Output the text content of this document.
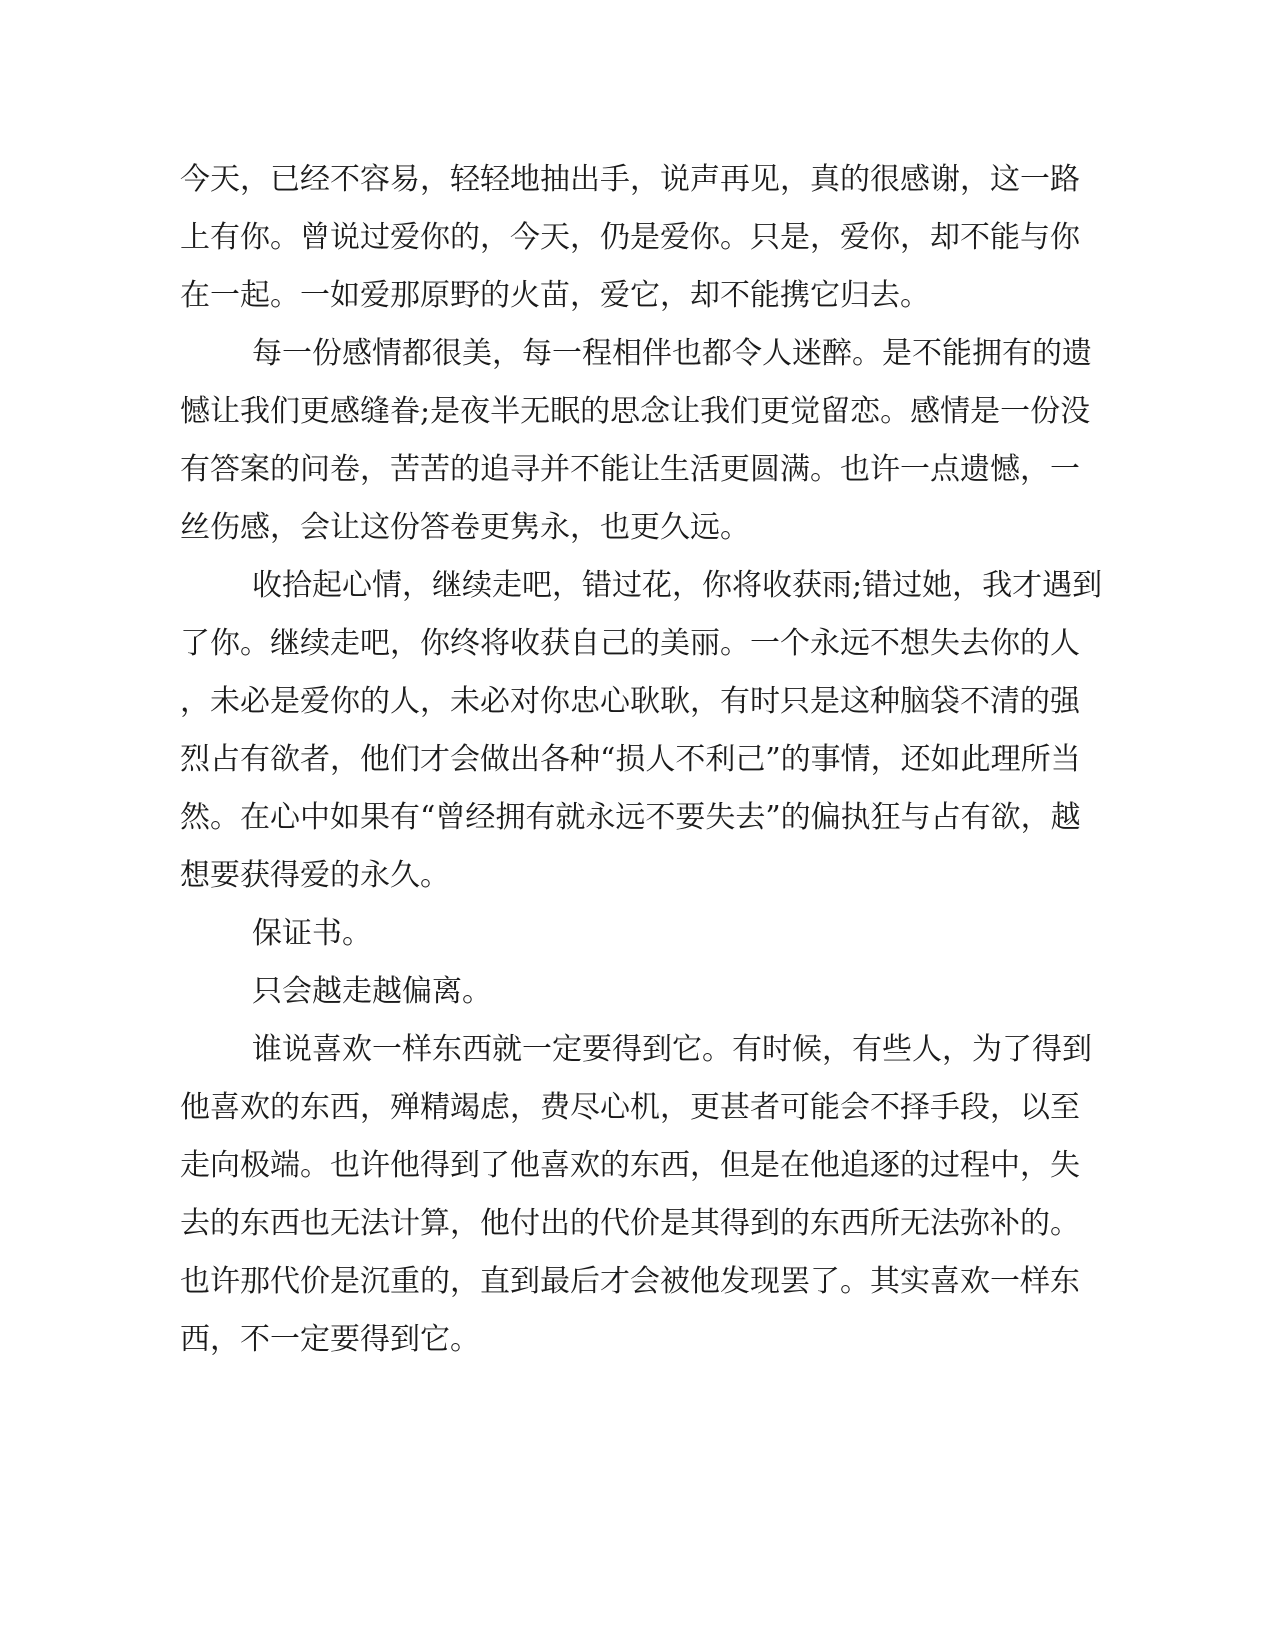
今天，已经不容易，轻轻地抽出手，说声再见，真的很感谢，这一路

上有你。曾说过爱你的，今天，仍是爱你。只是，爱你，却不能与你

在一起。一如爱那原野的火苗，爱它，却不能携它归去。

每一份感情都很美，每一程相伴也都令人迷醉。是不能拥有的遗

憾让我们更感缝眷;是夜半无眠的思念让我们更觉留恋。感情是一份没

有答案的问卷，苦苦的追寻并不能让生活更圆满。也许一点遗憾，一

丝伤感，会让这份答卷更隽永，也更久远。

收拾起心情，继续走吧，错过花，你将收获雨;错过她，我才遇到

了你。继续走吧，你终将收获自己的美丽。一个永远不想失去你的人

，未必是爱你的人，未必对你忠心耿耿，有时只是这种脑袋不清的强

烈占有欲者，他们才会做出各种“损人不利己”的事情，还如此理所当

然。在心中如果有“曾经拥有就永远不要失去”的偏执狂与占有欲，越

想要获得爱的永久。

保证书。

只会越走越偏离。

谁说喜欢一样东西就一定要得到它。有时候，有些人，为了得到

他喜欢的东西，殚精竭虑，费尽心机，更甚者可能会不择手段，以至

走向极端。也许他得到了他喜欢的东西，但是在他追逐的过程中，失

去的东西也无法计算，他付出的代价是其得到的东西所无法弥补的。

也许那代价是沉重的，直到最后才会被他发现罢了。其实喜欢一样东

西，不一定要得到它。
